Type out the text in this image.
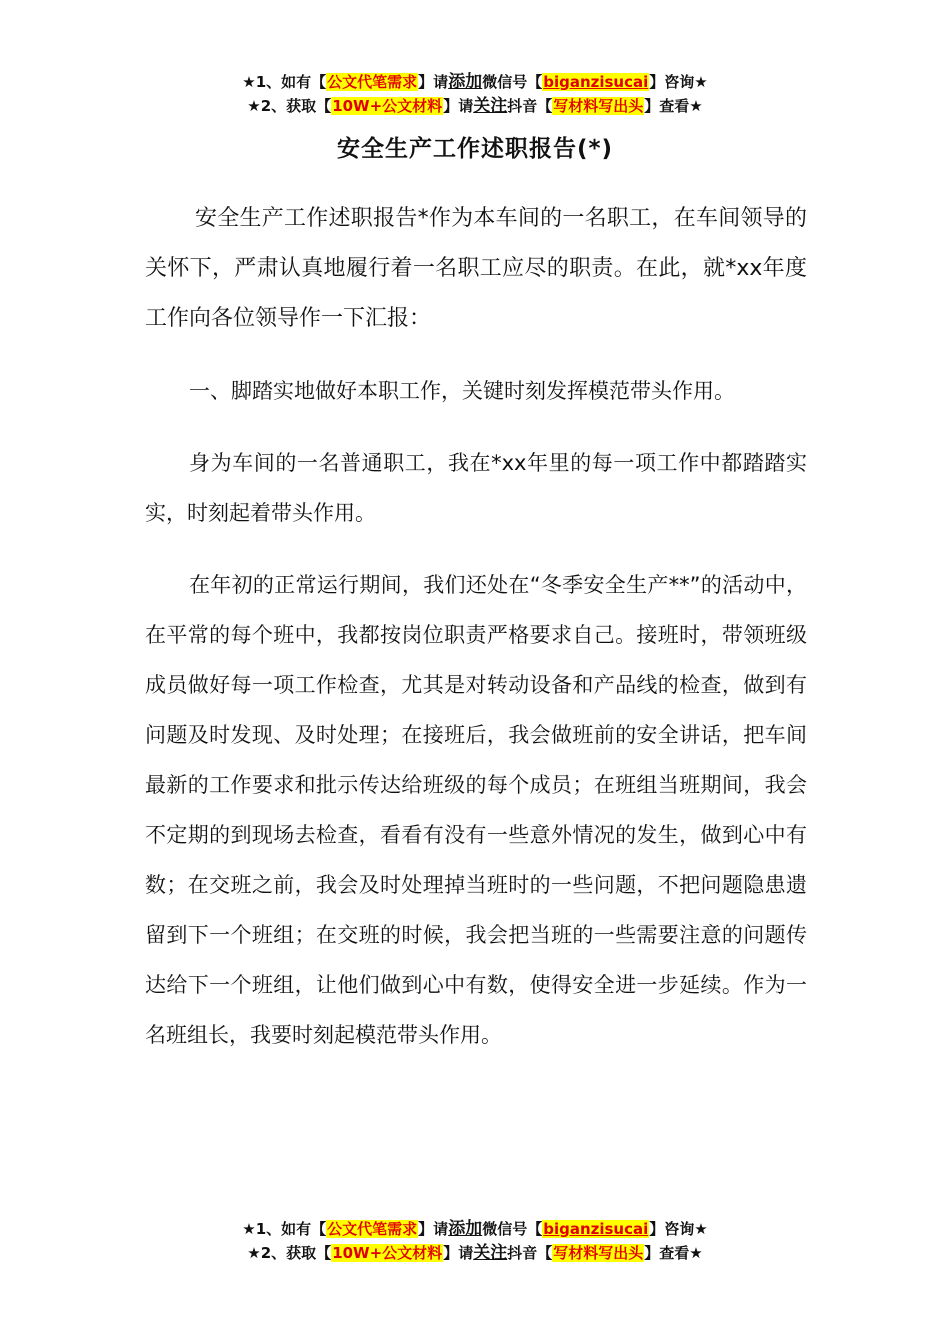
★1、如有【公文代笔需求】请添加微信号【biganzisucai】咨询★
★2、获取【10W+公文材料】请关注抖音【写材料写出头】查看★
安全生产工作述职报告(*)

安全生产工作述职报告*作为本车间的一名职工，在车间领导的关怀下，严肃认真地履行着一名职工应尽的职责。在此，就*xx年度工作向各位领导作一下汇报：

一、脚踏实地做好本职工作，关键时刻发挥模范带头作用。

身为车间的一名普通职工，我在*xx年里的每一项工作中都踏踏实实，时刻起着带头作用。

在年初的正常运行期间，我们还处在“冬季安全生产**”的活动中，在平常的每个班中，我都按岗位职责严格要求自己。接班时，带领班级成员做好每一项工作检查，尤其是对转动设备和产品线的检查，做到有问题及时发现、及时处理；在接班后，我会做班前的安全讲话，把车间最新的工作要求和批示传达给班级的每个成员；在班组当班期间，我会不定期的到现场去检查，看看有没有一些意外情况的发生，做到心中有数；在交班之前，我会及时处理掉当班时的一些问题，不把问题隐患遗留到下一个班组；在交班的时候，我会把当班的一些需要注意的问题传达给下一个班组，让他们做到心中有数，使得安全进一步延续。作为一名班组长，我要时刻起模范带头作用。

★1、如有【公文代笔需求】请添加微信号【biganzisucai】咨询★
★2、获取【10W+公文材料】请关注抖音【写材料写出头】查看★
